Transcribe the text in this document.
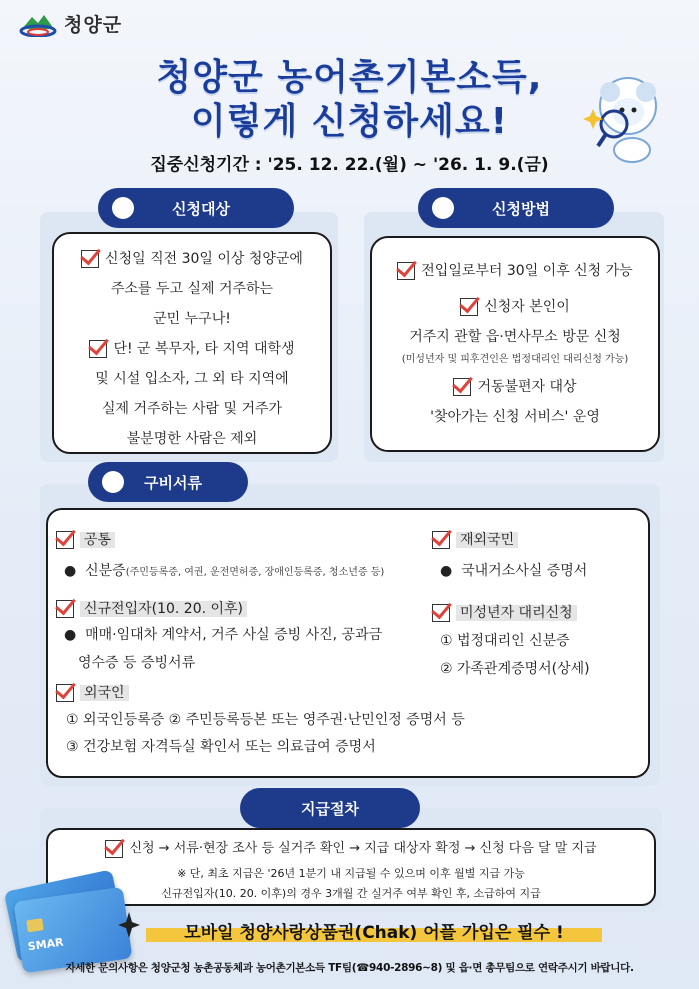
청양군
청양군 농어촌기본소득,
이렇게 신청하세요!
집중신청기간 : '25. 12. 22.(월) ~ '26. 1. 9.(금)
신청일 직전 30일 이상 청양군에
주소를 두고 실제 거주하는
군민 누구나!
단! 군 복무자, 타 지역 대학생
및 시설 입소자, 그 외 타 지역에
실제 거주하는 사람 및 거주가
불분명한 사람은 제외
신청대상
전입일로부터 30일 이후 신청 가능
신청자 본인이
거주지 관할 읍·면사무소 방문 신청
(미성년자 및 피후견인은 법정대리인 대리신청 가능)
거동불편자 대상
'찾아가는 신청 서비스' 운영
신청방법
구비서류
공통
●  신분증(주민등록증, 여권, 운전면허증, 장애인등록증, 청소년증 등)
신규전입자(10. 20. 이후)
●  매매·임대차 계약서, 거주 사실 증빙 사진, 공과금
영수증 등 증빙서류
외국인
① 외국인등록증 ② 주민등록등본 또는 영주권·난민인정 증명서 등
③ 건강보험 자격득실 확인서 또는 의료급여 증명서
재외국민
●  국내거소사실 증명서
미성년자 대리신청
① 법정대리인 신분증
② 가족관계증명서(상세)
신청 → 서류·현장 조사 등 실거주 확인 → 지급 대상자 확정 → 신청 다음 달 말 지급
※ 단, 최초 지급은 '26년 1분기 내 지급될 수 있으며 이후 월별 지급 가능
신규전입자(10. 20. 이후)의 경우 3개월 간 실거주 여부 확인 후, 소급하여 지급
지급절차
SMAR
모바일 청양사랑상품권(Chak) 어플 가입은 필수 !
자세한 문의사항은 청양군청 농촌공동체과 농어촌기본소득 TF팀(☎940-2896~8) 및 읍·면 총무팀으로 연락주시기 바랍니다.
